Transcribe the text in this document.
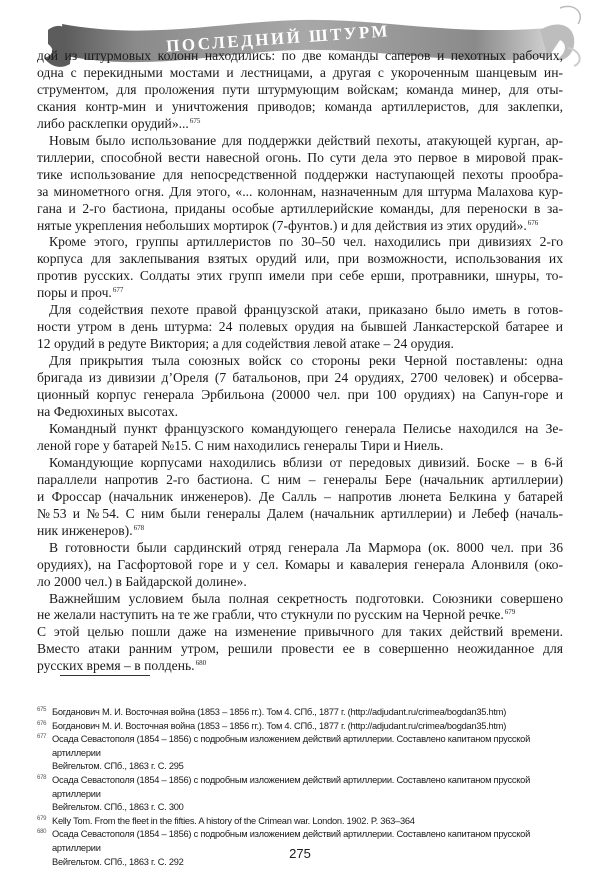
ПОСЛЕДНИЙ ШТУРМ
дой из штурмовых колонн находились: по две команды саперов и пехотных рабочих,
одна с перекидными мостами и лестницами, а другая с укороченным шанцевым ин-
струментом, для проложения пути штурмующим войскам; команда минер, для оты-
скания контр-мин и уничтожения приводов; команда артиллеристов, для заклепки,
либо расклепки орудий»...$^{675}$
Новым было использование для поддержки действий пехоты, атакующей курган, ар-
тиллерии, способной вести навесной огонь. По сути дела это первое в мировой прак-
тике использование для непосредственной поддержки наступающей пехоты прообра-
за минометного огня. Для этого, «... колоннам, назначенным для штурма Малахова кур-
гана и 2-го бастиона, приданы особые артиллерийские команды, для переноски в за-
нятые укрепления небольших мортирок (7-фунтов.) и для действия из этих орудий».$^{676}$
Кроме этого, группы артиллеристов по 30–50 чел. находились при дивизиях 2-го
корпуса для заклепывания взятых орудий или, при возможности, использования их
против русских. Солдаты этих групп имели при себе ерши, протравники, шнуры, то-
поры и проч.$^{677}$
Для содействия пехоте правой французской атаки, приказано было иметь в готов-
ности утром в день штурма: 24 полевых орудия на бывшей Ланкастерской батарее и
12 орудий в редуте Виктория; а для содействия левой атаке – 24 орудия.
Для прикрытия тыла союзных войск со стороны реки Черной поставлены: одна
бригада из дивизии д’Ореля (7 батальонов, при 24 орудиях, 2700 человек) и обсерва-
ционный корпус генерала Эрбильона (20000 чел. при 100 орудиях) на Сапун-горе и
на Федюхиных высотах.
Командный пункт французского командующего генерала Пелисье находился на Зе-
леной горе у батарей №15. С ним находились генералы Тири и Ниель.
Командующие корпусами находились вблизи от передовых дивизий. Боске – в 6-й
параллели напротив 2-го бастиона. С ним – генералы Бере (начальник артиллерии)
и Фроссар (начальник инженеров). Де Салль – напротив люнета Белкина у батарей
№53 и №54. С ним были генералы Далем (начальник артиллерии) и Лебеф (началь-
ник инженеров).$^{678}$
В готовности были сардинский отряд генерала Ла Мармора (ок. 8000 чел. при 36
орудиях), на Гасфортовой горе и у сел. Комары и кавалерия генерала Алонвиля (око-
ло 2000 чел.) в Байдарской долине».
Важнейшим условием была полная секретность подготовки. Союзники совершено
не желали наступить на те же грабли, что стукнули по русским на Черной речке.$^{679}$
С этой целью пошли даже на изменение привычного для таких действий времени.
Вместо атаки ранним утром, решили провести ее в совершенно неожиданное для
русских время – в полдень.$^{680}$
675 Богданович М. И. Восточная война (1853 – 1856 гг.). Том 4. СПб., 1877 г. (http://adjudant.ru/crimea/bogdan35.htm)
676 Богданович М. И. Восточная война (1853 – 1856 гг.). Том 4. СПб., 1877 г. (http://adjudant.ru/crimea/bogdan35.htm)
677 Осада Севастополя (1854 – 1856) с подробным изложением действий артиллерии. Составлено капитаном прусской артиллерии
Вейгельтом. СПб., 1863 г. С. 295
678 Осада Севастополя (1854 – 1856) с подробным изложением действий артиллерии. Составлено капитаном прусской артиллерии
Вейгельтом. СПб., 1863 г. С. 300
679 Kelly Tom. From the fleet in the fifties. A history of the Crimean war. London. 1902. P. 363–364
680 Осада Севастополя (1854 – 1856) с подробным изложением действий артиллерии. Составлено капитаном прусской артиллерии
Вейгельтом. СПб., 1863 г. С. 292
275
